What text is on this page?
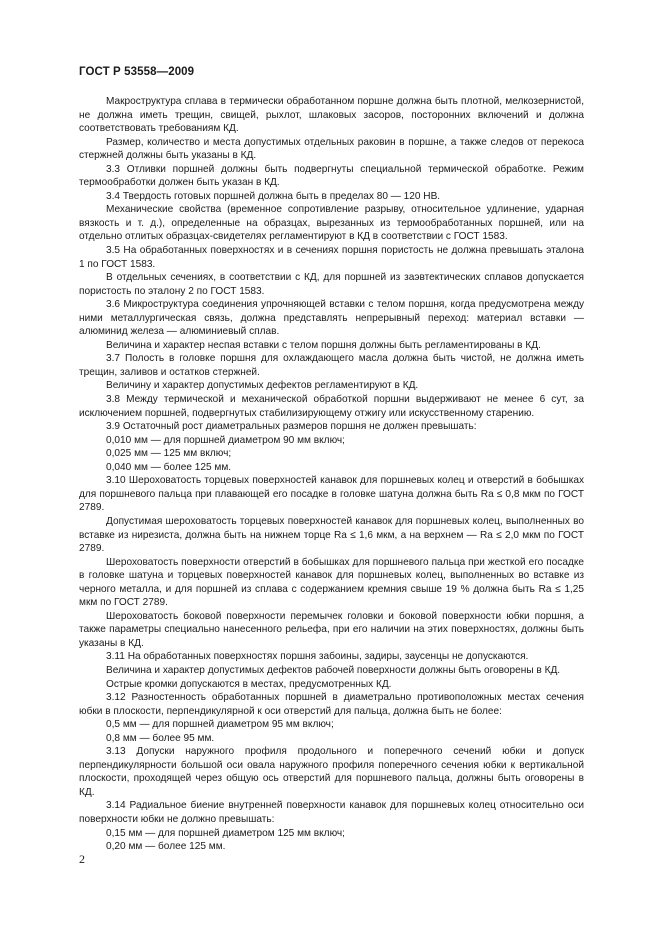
ГОСТ Р 53558—2009

Макроструктура сплава в термически обработанном поршне должна быть плотной, мелкозернистой, не должна иметь трещин, свищей, рыхлот, шлаковых засоров, посторонних включений и должна соответствовать требованиям КД.

Размер, количество и места допустимых отдельных раковин в поршне, а также следов от перекоса стержней должны быть указаны в КД.

3.3 Отливки поршней должны быть подвергнуты специальной термической обработке. Режим термообработки должен быть указан в КД.

3.4 Твердость готовых поршней должна быть в пределах 80 — 120 НВ.

Механические свойства (временное сопротивление разрыву, относительное удлинение, ударная вязкость и т. д.), определенные на образцах, вырезанных из термообработанных поршней, или на отдельно отлитых образцах-свидетелях регламентируют в КД в соответствии с ГОСТ 1583.

3.5 На обработанных поверхностях и в сечениях поршня пористость не должна превышать эталона 1 по ГОСТ 1583.

В отдельных сечениях, в соответствии с КД, для поршней из заэвтектических сплавов допускается пористость по эталону 2 по ГОСТ 1583.

3.6 Микроструктура соединения упрочняющей вставки с телом поршня, когда предусмотрена между ними металлургическая связь, должна представлять непрерывный переход: материал вставки — алюминид железа — алюминиевый сплав.

Величина и характер неспая вставки с телом поршня должны быть регламентированы в КД.

3.7 Полость в головке поршня для охлаждающего масла должна быть чистой, не должна иметь трещин, заливов и остатков стержней.

Величину и характер допустимых дефектов регламентируют в КД.

3.8 Между термической и механической обработкой поршни выдерживают не менее 6 сут, за исключением поршней, подвергнутых стабилизирующему отжигу или искусственному старению.

3.9 Остаточный рост диаметральных размеров поршня не должен превышать:

0,010 мм — для поршней диаметром 90 мм включ;

0,025 мм — 125 мм включ;

0,040 мм — более 125 мм.

3.10 Шероховатость торцевых поверхностей канавок для поршневых колец и отверстий в бобышках для поршневого пальца при плавающей его посадке в головке шатуна должна быть Ra ≤ 0,8 мкм по ГОСТ 2789.

Допустимая шероховатость торцевых поверхностей канавок для поршневых колец, выполненных во вставке из нирезиста, должна быть на нижнем торце Ra ≤ 1,6 мкм, а на верхнем — Ra ≤ 2,0 мкм по ГОСТ 2789.

Шероховатость поверхности отверстий в бобышках для поршневого пальца при жесткой его посадке в головке шатуна и торцевых поверхностей канавок для поршневых колец, выполненных во вставке из черного металла, и для поршней из сплава с содержанием кремния свыше 19 % должна быть Ra ≤ 1,25 мкм по ГОСТ 2789.

Шероховатость боковой поверхности перемычек головки и боковой поверхности юбки поршня, а также параметры специально нанесенного рельефа, при его наличии на этих поверхностях, должны быть указаны в КД.

3.11 На обработанных поверхностях поршня забоины, задиры, заусенцы не допускаются.

Величина и характер допустимых дефектов рабочей поверхности должны быть оговорены в КД.

Острые кромки допускаются в местах, предусмотренных КД.

3.12 Разностенность обработанных поршней в диаметрально противоположных местах сечения юбки в плоскости, перпендикулярной к оси отверстий для пальца, должна быть не более:

0,5 мм — для поршней диаметром 95 мм включ;

0,8 мм — более 95 мм.

3.13 Допуски наружного профиля продольного и поперечного сечений юбки и допуск перпендикулярности большой оси овала наружного профиля поперечного сечения юбки к вертикальной плоскости, проходящей через общую ось отверстий для поршневого пальца, должны быть оговорены в КД.

3.14 Радиальное биение внутренней поверхности канавок для поршневых колец относительно оси поверхности юбки не должно превышать:

0,15 мм — для поршней диаметром 125 мм включ;

0,20 мм — более 125 мм.

2
